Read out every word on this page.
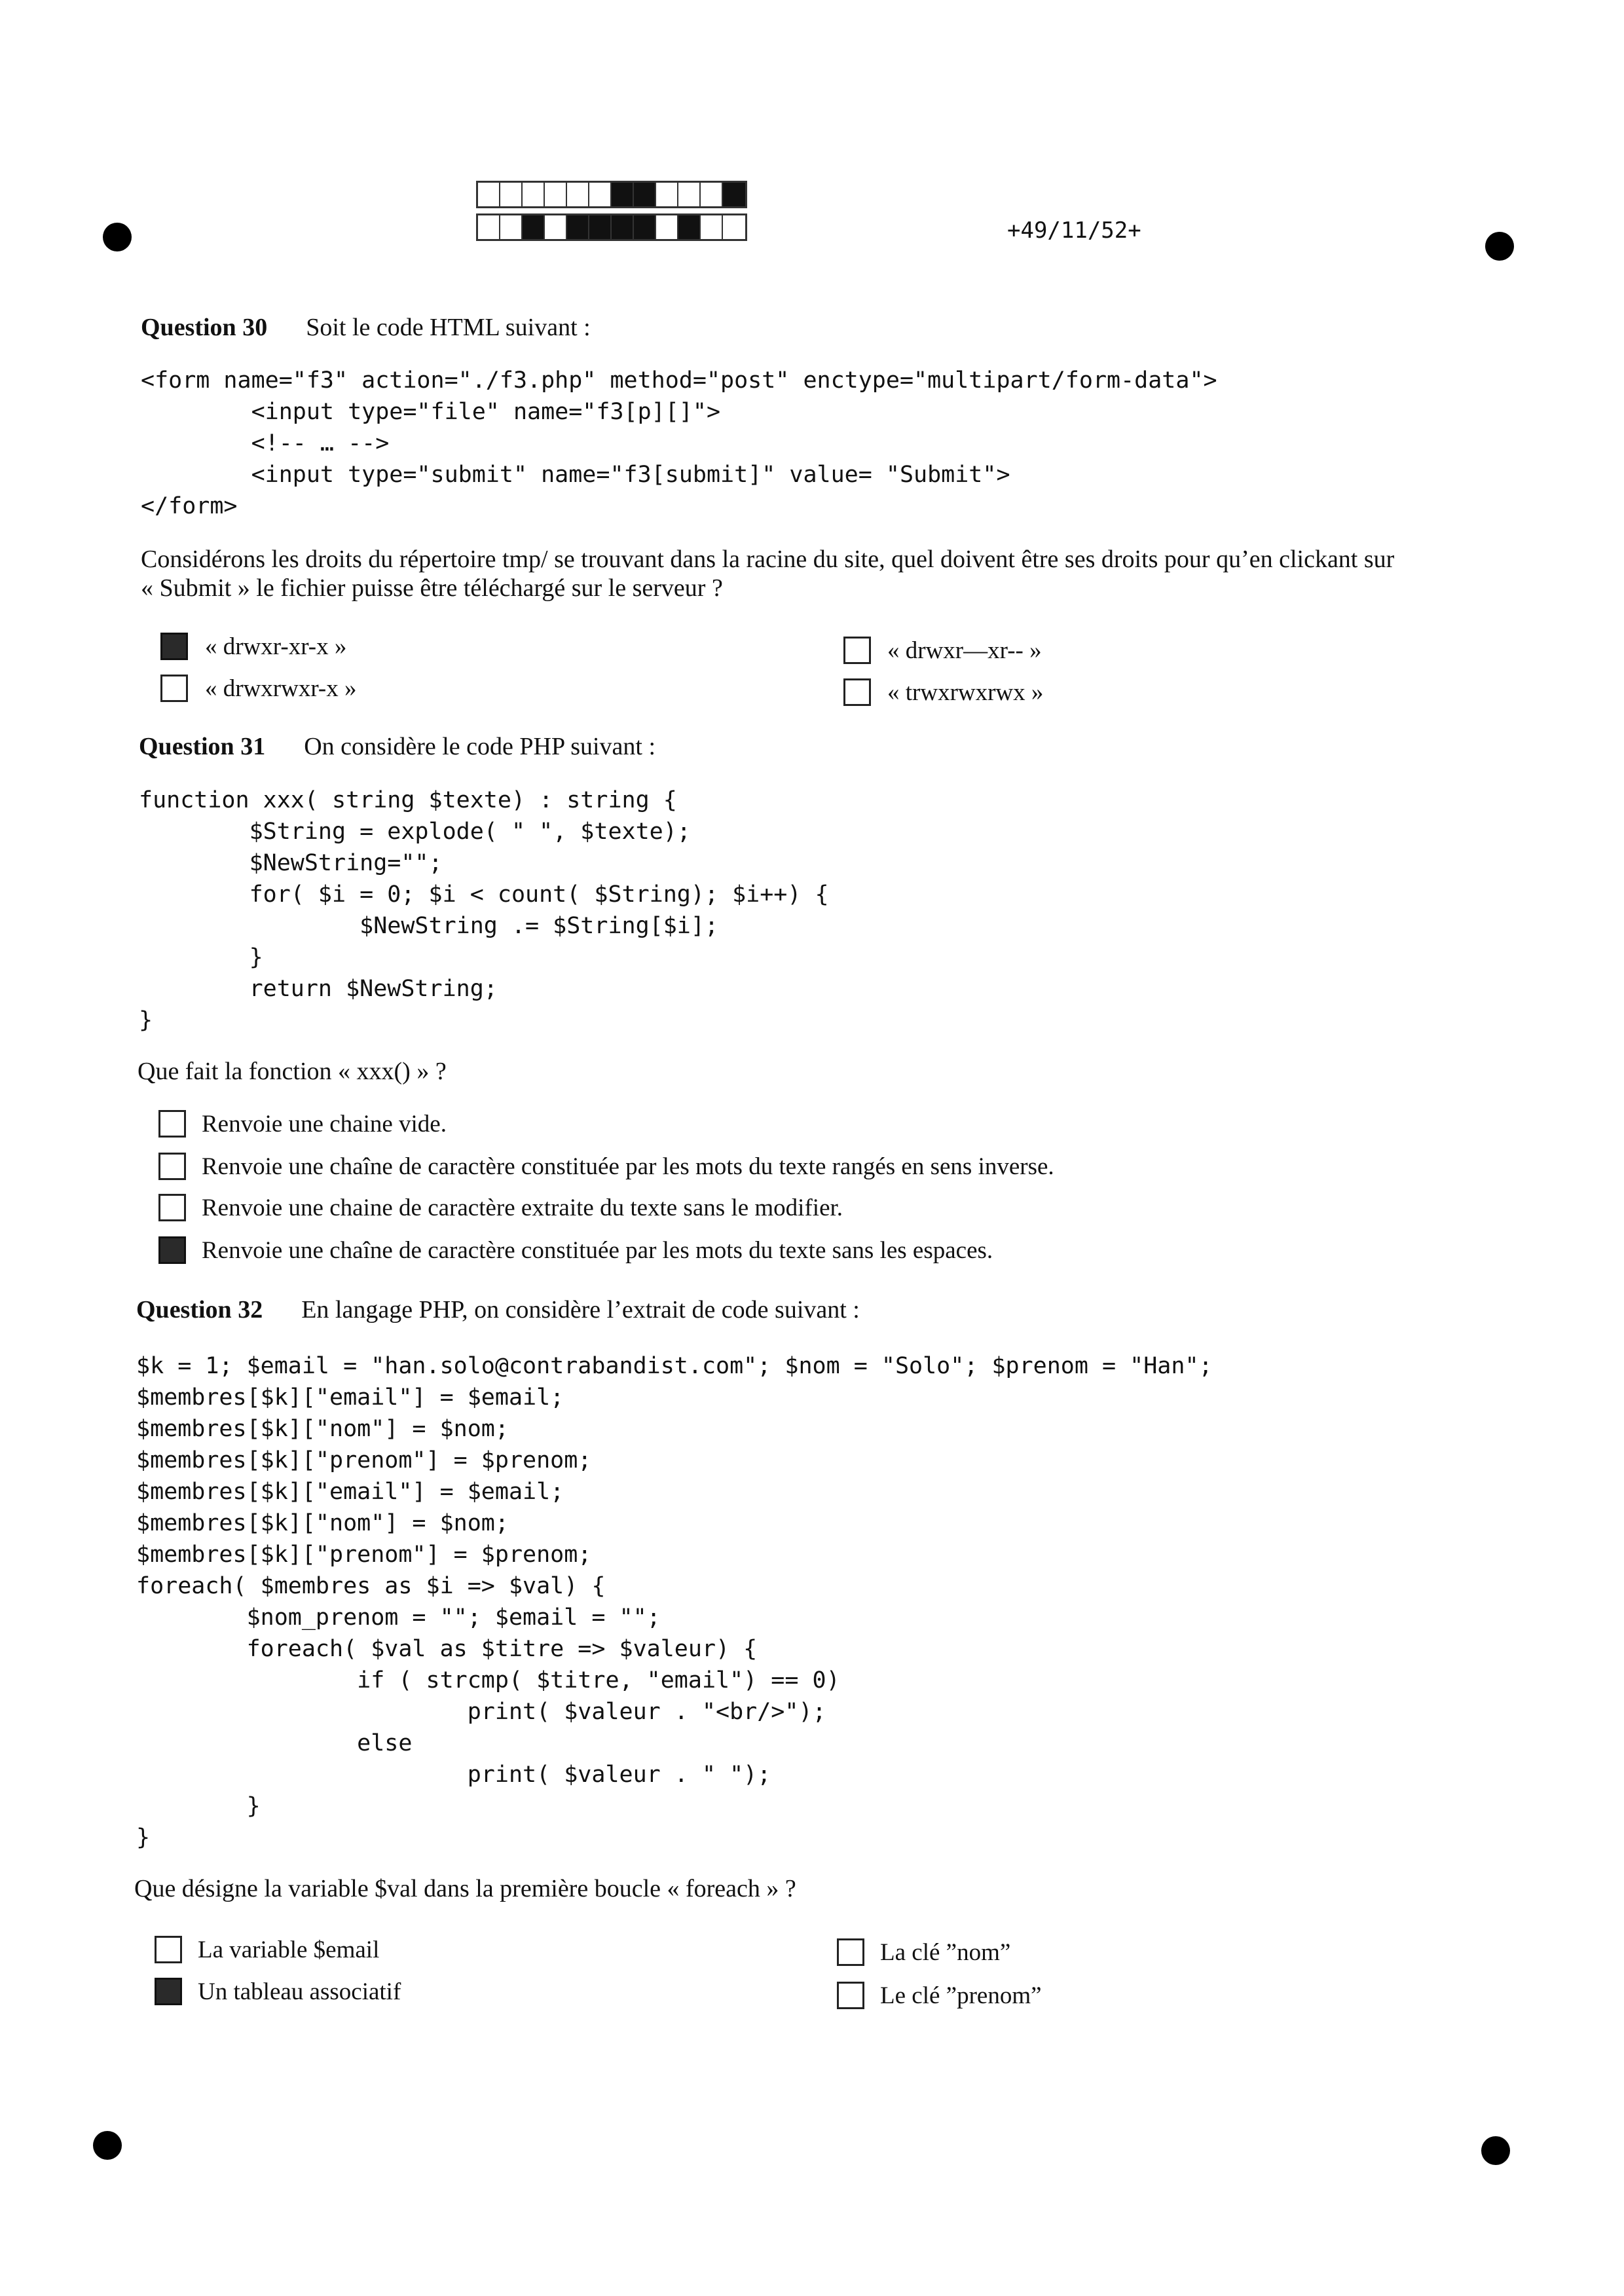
+49/11/52+
Question 30 Soit le code HTML suivant :
<form name="f3" action="./f3.php" method="post" enctype="multipart/form-data">
<input type="file" name="f3[p][]">
<!-- … -->
<input type="submit" name="f3[submit]" value= "Submit">
</form>
Considérons les droits du répertoire tmp/ se trouvant dans la racine du site, quel doivent être ses droits pour qu’en clickant sur
« Submit » le fichier puisse être téléchargé sur le serveur ?
« drwxr-xr-x »
« drwxrwxr-x »
« drwxr—xr-- »
« trwxrwxrwx »
Question 31 On considère le code PHP suivant :
function xxx( string $texte) : string {
$String = explode( " ", $texte);
$NewString="";
for( $i = 0; $i < count( $String); $i++) {
$NewString .= $String[$i];
}
return $NewString;
}
Que fait la fonction « xxx() » ?
Renvoie une chaine vide.
Renvoie une chaîne de caractère constituée par les mots du texte rangés en sens inverse.
Renvoie une chaine de caractère extraite du texte sans le modifier.
Renvoie une chaîne de caractère constituée par les mots du texte sans les espaces.
Question 32 En langage PHP, on considère l’extrait de code suivant :
$k = 1; $email = "han.solo@contrabandist.com"; $nom = "Solo"; $prenom = "Han";
$membres[$k]["email"] = $email;
$membres[$k]["nom"] = $nom;
$membres[$k]["prenom"] = $prenom;
$membres[$k]["email"] = $email;
$membres[$k]["nom"] = $nom;
$membres[$k]["prenom"] = $prenom;
foreach( $membres as $i => $val) {
$nom_prenom = ""; $email = "";
foreach( $val as $titre => $valeur) {
if ( strcmp( $titre, "email") == 0)
print( $valeur . "<br/>");
else
print( $valeur . " ");
}
}
Que désigne la variable $val dans la première boucle « foreach » ?
La variable $email
Un tableau associatif
La clé ”nom”
Le clé ”prenom”
